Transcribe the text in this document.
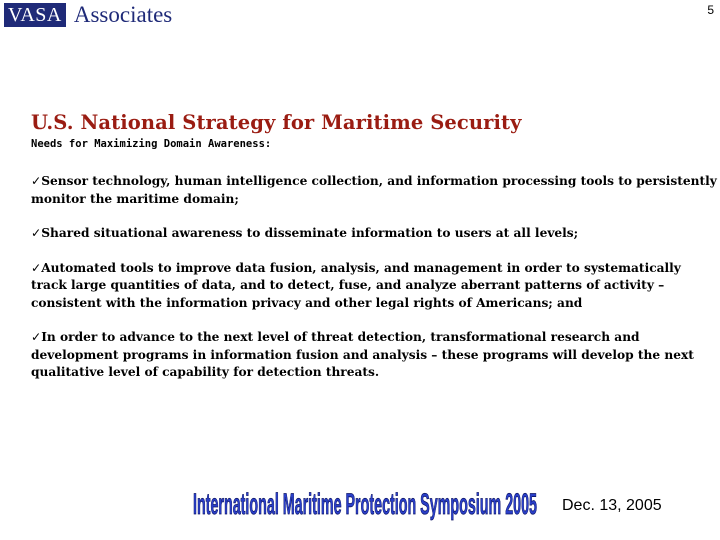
VASA Associates	5
U.S. National Strategy for Maritime Security

Needs for Maximizing Domain Awareness:

✓Sensor technology, human intelligence collection, and information processing tools to persistently monitor the maritime domain;

✓Shared situational awareness to disseminate information to users at all levels;

✓Automated tools to improve data fusion, analysis, and management in order to systematically track large quantities of data, and to detect, fuse, and analyze aberrant patterns of activity – consistent with the information privacy and other legal rights of Americans; and

✓In order to advance to the next level of threat detection, transformational research and development programs in information fusion and analysis – these programs will develop the next qualitative level of capability for detection threats.

International Maritime Protection Symposium 2005 Dec. 13, 2005
